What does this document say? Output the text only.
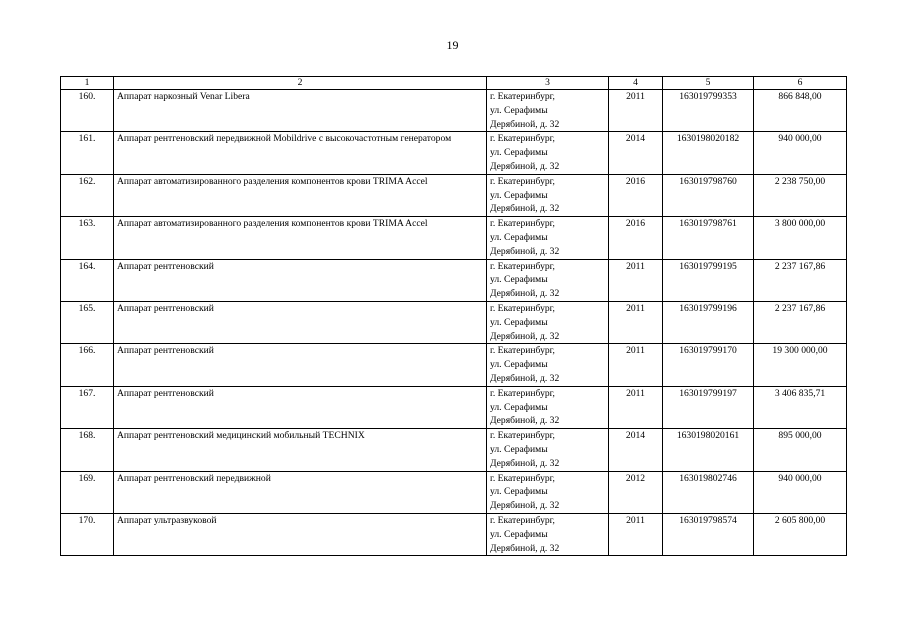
19
1	2	3	4	5	6
160.	Аппарат наркозный Venar Libera	г. Екатеринбург,
ул. Серафимы
Дерябиной, д. 32	2011	163019799353	866 848,00
161.	Аппарат рентгеновский передвижной Mobildrive с высокочастотным генератором	г. Екатеринбург,
ул. Серафимы
Дерябиной, д. 32	2014	1630198020182	940 000,00
162.	Аппарат автоматизированного разделения компонентов крови TRIMA Accel	г. Екатеринбург,
ул. Серафимы
Дерябиной, д. 32	2016	163019798760	2 238 750,00
163.	Аппарат автоматизированного разделения компонентов крови TRIMA Accel	г. Екатеринбург,
ул. Серафимы
Дерябиной, д. 32	2016	163019798761	3 800 000,00
164.	Аппарат рентгеновский	г. Екатеринбург,
ул. Серафимы
Дерябиной, д. 32	2011	163019799195	2 237 167,86
165.	Аппарат рентгеновский	г. Екатеринбург,
ул. Серафимы
Дерябиной, д. 32	2011	163019799196	2 237 167,86
166.	Аппарат рентгеновский	г. Екатеринбург,
ул. Серафимы
Дерябиной, д. 32	2011	163019799170	19 300 000,00
167.	Аппарат рентгеновский	г. Екатеринбург,
ул. Серафимы
Дерябиной, д. 32	2011	163019799197	3 406 835,71
168.	Аппарат рентгеновский медицинский мобильный TECHNIX	г. Екатеринбург,
ул. Серафимы
Дерябиной, д. 32	2014	1630198020161	895 000,00
169.	Аппарат рентгеновский передвижной	г. Екатеринбург,
ул. Серафимы
Дерябиной, д. 32	2012	163019802746	940 000,00
170.	Аппарат ультразвуковой	г. Екатеринбург,
ул. Серафимы
Дерябиной, д. 32	2011	163019798574	2 605 800,00
